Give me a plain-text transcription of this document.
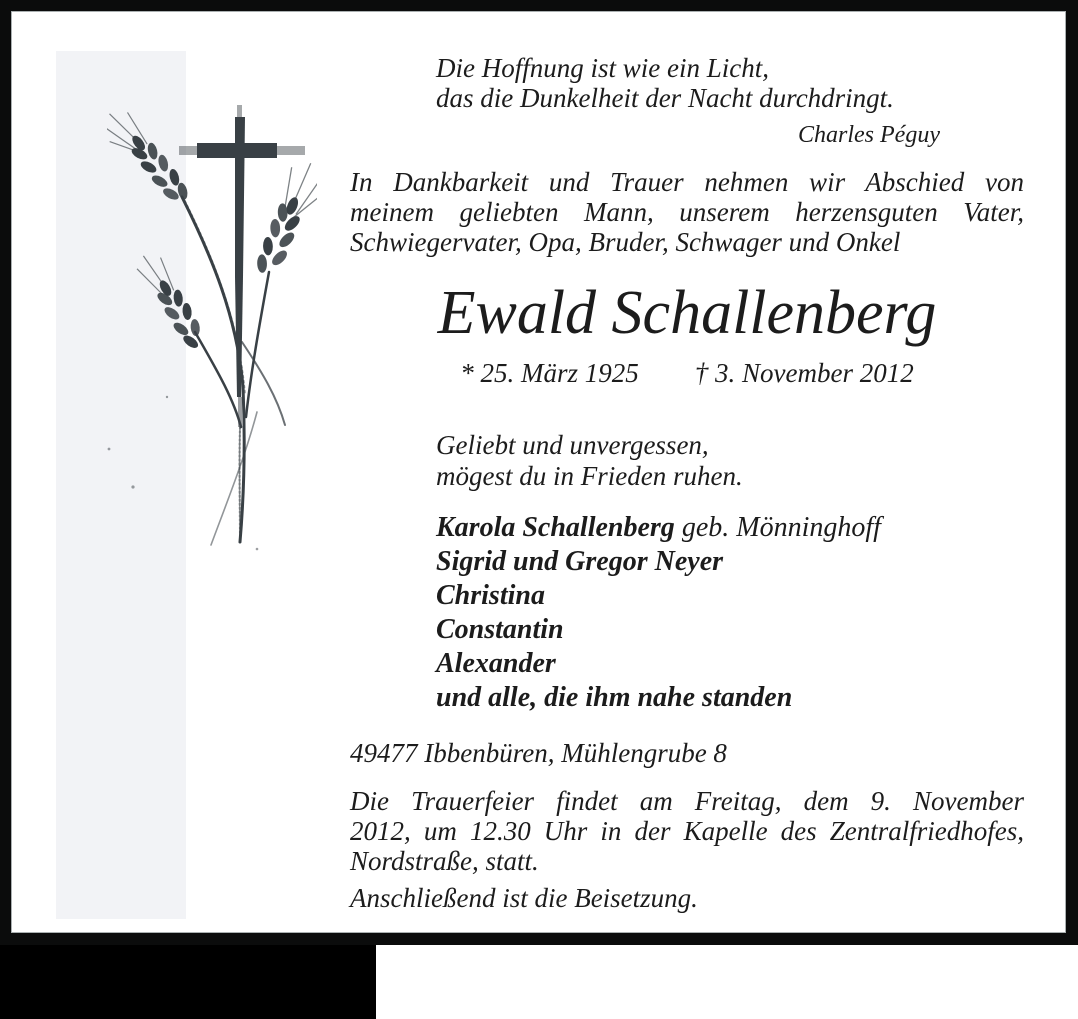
Die Hoffnung ist wie ein Licht,
das die Dunkelheit der Nacht durchdringt.
Charles Péguy
In Dankbarkeit und Trauer nehmen wir Abschied von
meinem geliebten Mann, unserem herzensguten Vater,
Schwiegervater, Opa, Bruder, Schwager und Onkel
Ewald Schallenberg
* 25. März 1925 † 3. November 2012
Geliebt und unvergessen,
mögest du in Frieden ruhen.
Karola Schallenberg geb. Mönninghoff
Sigrid und Gregor Neyer
Christina
Constantin
Alexander
und alle, die ihm nahe standen
49477 Ibbenbüren, Mühlengrube 8
Die Trauerfeier findet am Freitag, dem 9. November
2012, um 12.30 Uhr in der Kapelle des Zentralfriedhofes,
Nordstraße, statt.
Anschließend ist die Beisetzung.
